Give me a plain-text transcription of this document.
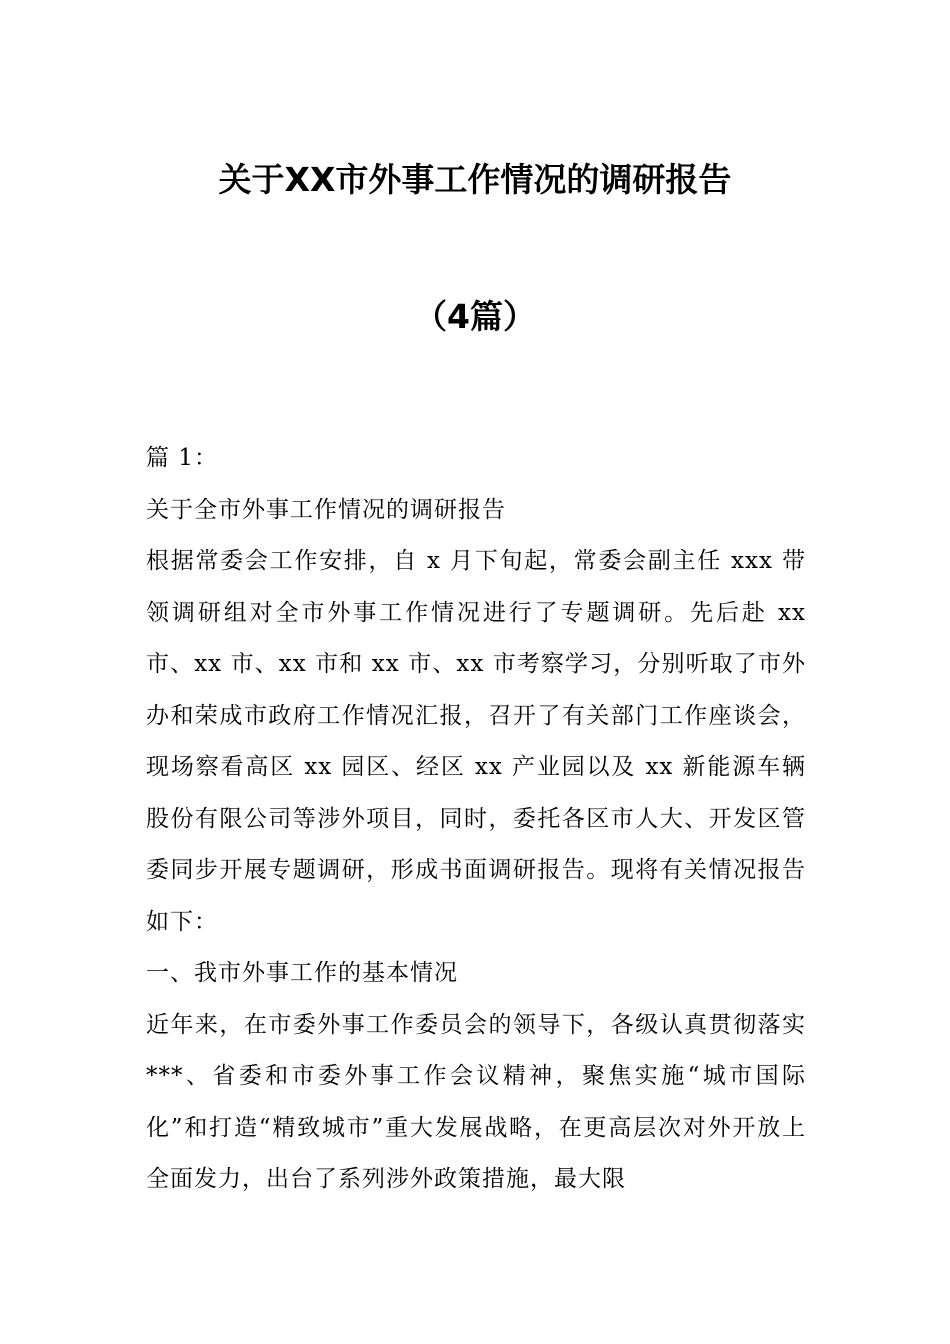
关于XX市外事工作情况的调研报告
（4篇）

篇 1：

关于全市外事工作情况的调研报告

根据常委会工作安排，自 x 月下旬起，常委会副主任 xxx 带领调研组对全市外事工作情况进行了专题调研。先后赴 xx 市、xx 市、xx 市和 xx 市、xx 市考察学习，分别听取了市外办和荣成市政府工作情况汇报，召开了有关部门工作座谈会，现场察看高区 xx 园区、经区 xx 产业园以及 xx 新能源车辆股份有限公司等涉外项目，同时，委托各区市人大、开发区管委同步开展专题调研，形成书面调研报告。现将有关情况报告如下：

一、我市外事工作的基本情况

近年来，在市委外事工作委员会的领导下，各级认真贯彻落实***、省委和市委外事工作会议精神，聚焦实施“城市国际化”和打造“精致城市”重大发展战略，在更高层次对外开放上全面发力，出台了系列涉外政策措施，最大限
